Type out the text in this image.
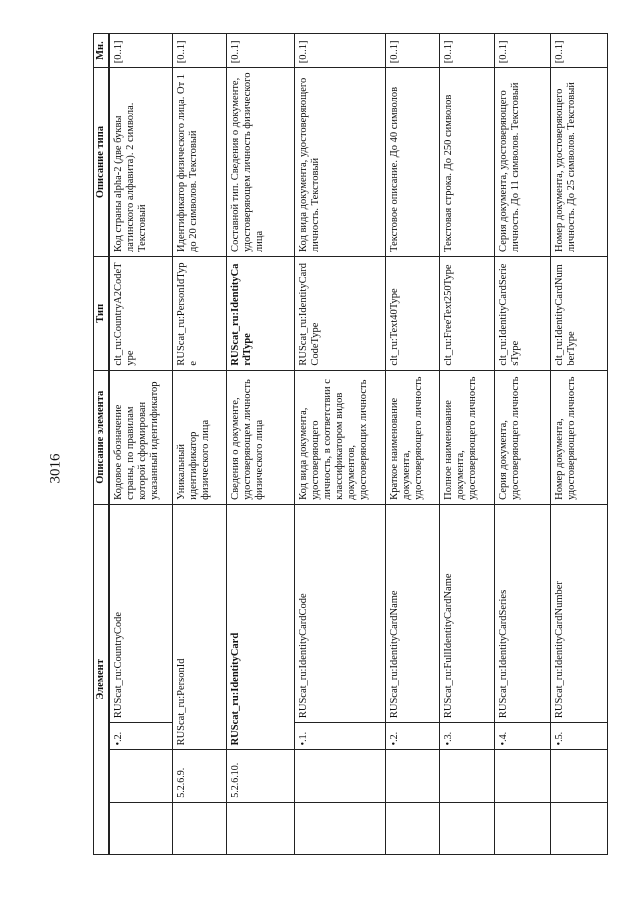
3016
Элемент				Описание элемента	Тип	Описание типа	Мн.
		•.2.	RUScat_ru:CountryCode	Кодовое обозначение страны, по правилам которой сформирован указанный идентификатор	clt_ru:CountryA2CodeType	Код страны alpha-2 (две буквы латинского алфавита). 2 символа. Текстовый	[0..1]
	5.2.6.9.	RUScat_ru:PersonId		Уникальный идентификатор физического лица	RUScat_ru:PersonIdType	Идентификатор физического лица. От 1 до 20 символов. Текстовый	[0..1]
	5.2.6.10.	RUScat_ru:IdentityCard		Сведения о документе, удостоверяющем личность физического лица	RUScat_ru:IdentityCardType	Составной тип. Сведения о документе, удостоверяющем личность физического лица	[0..1]
		•.1.	RUScat_ru:IdentityCardCode	Код вида документа, удостоверяющего личность, в соответствии с классификатором видов документов, удостоверяющих личность	RUScat_ru:IdentityCardCodeType	Код вида документа, удостоверяющего личность. Текстовый	[0..1]
		•.2.	RUScat_ru:IdentityCardName	Краткое наименование документа, удостоверяющего личность	clt_ru:Text40Type	Текстовое описание. До 40 символов	[0..1]
		•.3.	RUScat_ru:FullIdentityCardName	Полное наименование документа, удостоверяющего личность	clt_ru:FreeText250Type	Текстовая строка. До 250 символов	[0..1]
		•.4.	RUScat_ru:IdentityCardSeries	Серия документа, удостоверяющего личность	clt_ru:IdentityCardSeriesType	Серия документа, удостоверяющего личность. До 11 символов. Текстовый	[0..1]
		•.5.	RUScat_ru:IdentityCardNumber	Номер документа, удостоверяющего личность	clt_ru:IdentityCardNumberType	Номер документа, удостоверяющего личность. До 25 символов. Текстовый	[0..1]
